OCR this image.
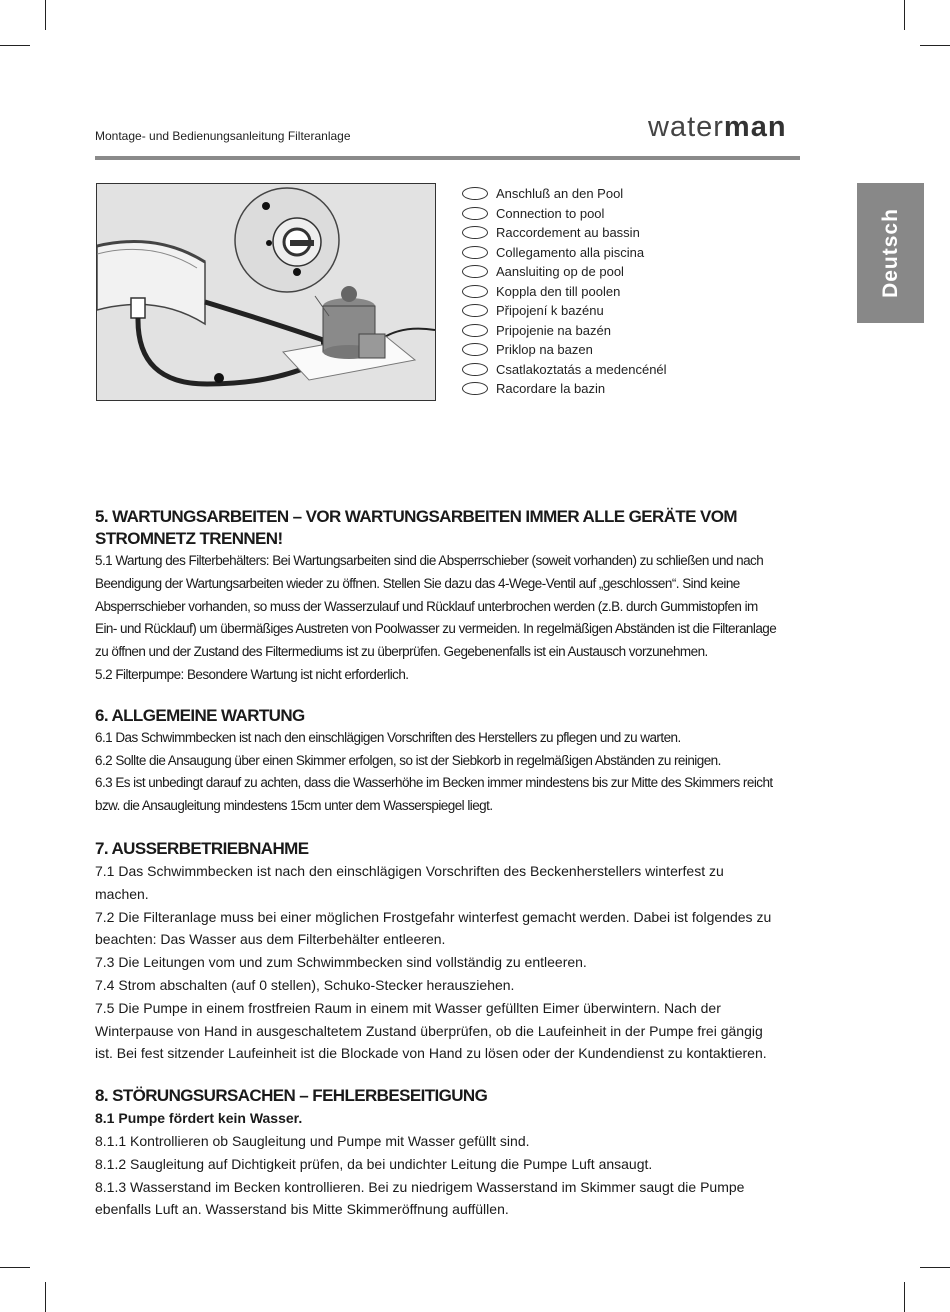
Montage- und Bedienungsanleitung Filteranlage	waterman
Deutsch
Anschluß an den Pool
Connection to pool
Raccordement au bassin
Collegamento alla piscina
Aansluiting op de pool
Koppla den till poolen
Připojení k bazénu
Pripojenie na bazén
Priklop na bazen
Csatlakoztatás a medencénél
Racordare la bazin

5. WARTUNGSARBEITEN – VOR WARTUNGSARBEITEN IMMER ALLE GERÄTE VOM

STROMNETZ TRENNEN!

5.1 Wartung des Filterbehälters: Bei Wartungsarbeiten sind die Absperrschieber (soweit vorhanden) zu schließen und nach

Beendigung der Wartungsarbeiten wieder zu öffnen. Stellen Sie dazu das 4-Wege-Ventil auf „geschlossen“. Sind keine

Absperrschieber vorhanden, so muss der Wasserzulauf und Rücklauf unterbrochen werden (z.B. durch Gummistopfen im

Ein- und Rücklauf) um übermäßiges Austreten von Poolwasser zu vermeiden. In regelmäßigen Abständen ist die Filteranlage

zu öffnen und der Zustand des Filtermediums ist zu überprüfen. Gegebenenfalls ist ein Austausch vorzunehmen.

5.2 Filterpumpe: Besondere Wartung ist nicht erforderlich.

6. ALLGEMEINE WARTUNG

6.1 Das Schwimmbecken ist nach den einschlägigen Vorschriften des Herstellers zu pflegen und zu warten.

6.2 Sollte die Ansaugung über einen Skimmer erfolgen, so ist der Siebkorb in regelmäßigen Abständen zu reinigen.

6.3 Es ist unbedingt darauf zu achten, dass die Wasserhöhe im Becken immer mindestens bis zur Mitte des Skimmers reicht

bzw. die Ansaugleitung mindestens 15cm unter dem Wasserspiegel liegt.

7. AUSSERBETRIEBNAHME

7.1 Das Schwimmbecken ist nach den einschlägigen Vorschriften des Beckenherstellers winterfest zu

machen.

7.2 Die Filteranlage muss bei einer möglichen Frostgefahr winterfest gemacht werden. Dabei ist folgendes zu

beachten: Das Wasser aus dem Filterbehälter entleeren.

7.3 Die Leitungen vom und zum Schwimmbecken sind vollständig zu entleeren.

7.4 Strom abschalten (auf 0 stellen), Schuko-Stecker herausziehen.

7.5 Die Pumpe in einem frostfreien Raum in einem mit Wasser gefüllten Eimer überwintern. Nach der

Winterpause von Hand in ausgeschaltetem Zustand überprüfen, ob die Laufeinheit in der Pumpe frei gängig

ist. Bei fest sitzender Laufeinheit ist die Blockade von Hand zu lösen oder der Kundendienst zu kontaktieren.

8. STÖRUNGSURSACHEN – FEHLERBESEITIGUNG

8.1 Pumpe fördert kein Wasser.

8.1.1 Kontrollieren ob Saugleitung und Pumpe mit Wasser gefüllt sind.

8.1.2 Saugleitung auf Dichtigkeit prüfen, da bei undichter Leitung die Pumpe Luft ansaugt.

8.1.3 Wasserstand im Becken kontrollieren. Bei zu niedrigem Wasserstand im Skimmer saugt die Pumpe

ebenfalls Luft an. Wasserstand bis Mitte Skimmeröffnung auffüllen.
